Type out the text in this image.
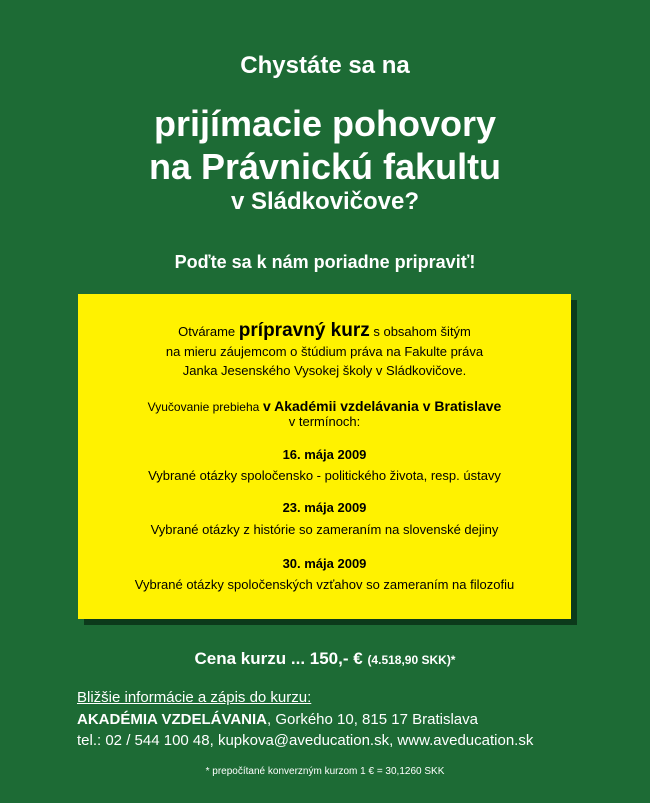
Chystáte sa na
prijímacie pohovory
na Právnickú fakultu
v Sládkovičove?
Poďte sa k nám poriadne pripraviť!
Otvárame prípravný kurz s obsahom šitým
na mieru záujemcom o štúdium práva na Fakulte práva
Janka Jesenského Vysokej školy v Sládkovičove.
Vyučovanie prebieha v Akadémii vzdelávania v Bratislave
v termínoch:
16. mája 2009
Vybrané otázky spoločensko - politického života, resp. ústavy
23. mája 2009
Vybrané otázky z histórie so zameraním na slovenské dejiny
30. mája 2009
Vybrané otázky spoločenských vzťahov so zameraním na filozofiu
Cena kurzu ... 150,- € (4.518,90 SKK)*
Bližšie informácie a zápis do kurzu:
AKADÉMIA VZDELÁVANIA, Gorkého 10, 815 17 Bratislava
tel.: 02 / 544 100 48, kupkova@aveducation.sk, www.aveducation.sk
* prepočítané konverzným kurzom 1 € = 30,1260 SKK
